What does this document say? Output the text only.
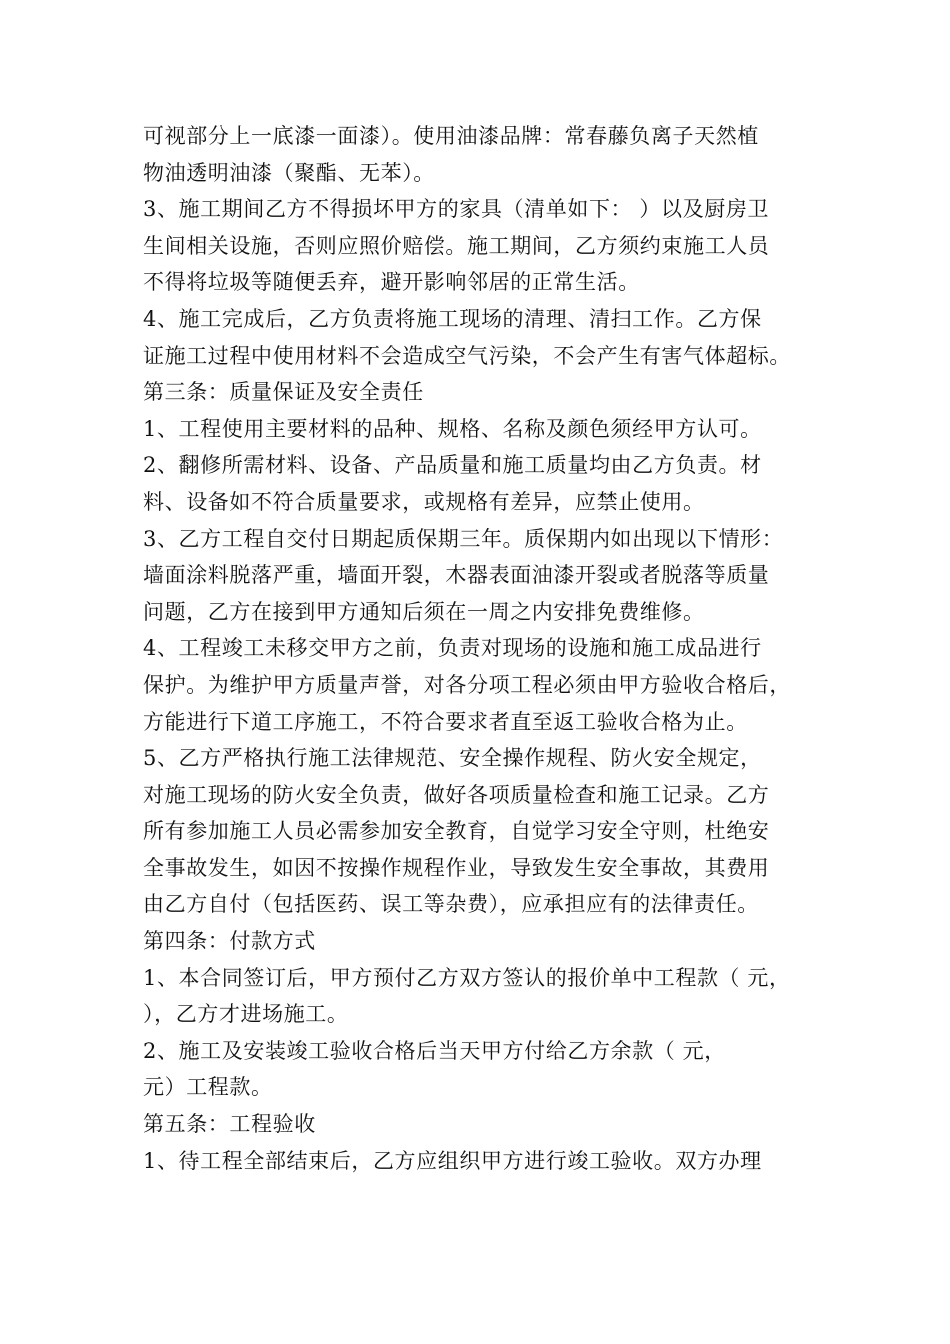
可视部分上一底漆一面漆）。使用油漆品牌：常春藤负离子天然植
物油透明油漆（聚酯、无苯）。
3、施工期间乙方不得损坏甲方的家具（清单如下： ）以及厨房卫
生间相关设施，否则应照价赔偿。施工期间，乙方须约束施工人员
不得将垃圾等随便丢弃，避开影响邻居的正常生活。
4、施工完成后，乙方负责将施工现场的清理、清扫工作。乙方保
证施工过程中使用材料不会造成空气污染，不会产生有害气体超标。
第三条：质量保证及安全责任
1、工程使用主要材料的品种、规格、名称及颜色须经甲方认可。
2、翻修所需材料、设备、产品质量和施工质量均由乙方负责。材
料、设备如不符合质量要求，或规格有差异，应禁止使用。
3、乙方工程自交付日期起质保期三年。质保期内如出现以下情形：
墙面涂料脱落严重，墙面开裂，木器表面油漆开裂或者脱落等质量
问题，乙方在接到甲方通知后须在一周之内安排免费维修。
4、工程竣工未移交甲方之前，负责对现场的设施和施工成品进行
保护。为维护甲方质量声誉，对各分项工程必须由甲方验收合格后，
方能进行下道工序施工，不符合要求者直至返工验收合格为止。
5、乙方严格执行施工法律规范、安全操作规程、防火安全规定，
对施工现场的防火安全负责，做好各项质量检查和施工记录。乙方
所有参加施工人员必需参加安全教育，自觉学习安全守则，杜绝安
全事故发生，如因不按操作规程作业，导致发生安全事故，其费用
由乙方自付（包括医药、误工等杂费），应承担应有的法律责任。
第四条：付款方式
1、本合同签订后，甲方预付乙方双方签认的报价单中工程款（ 元，
），乙方才进场施工。
2、施工及安装竣工验收合格后当天甲方付给乙方余款（ 元，
元）工程款。
第五条：工程验收
1、待工程全部结束后，乙方应组织甲方进行竣工验收。双方办理
